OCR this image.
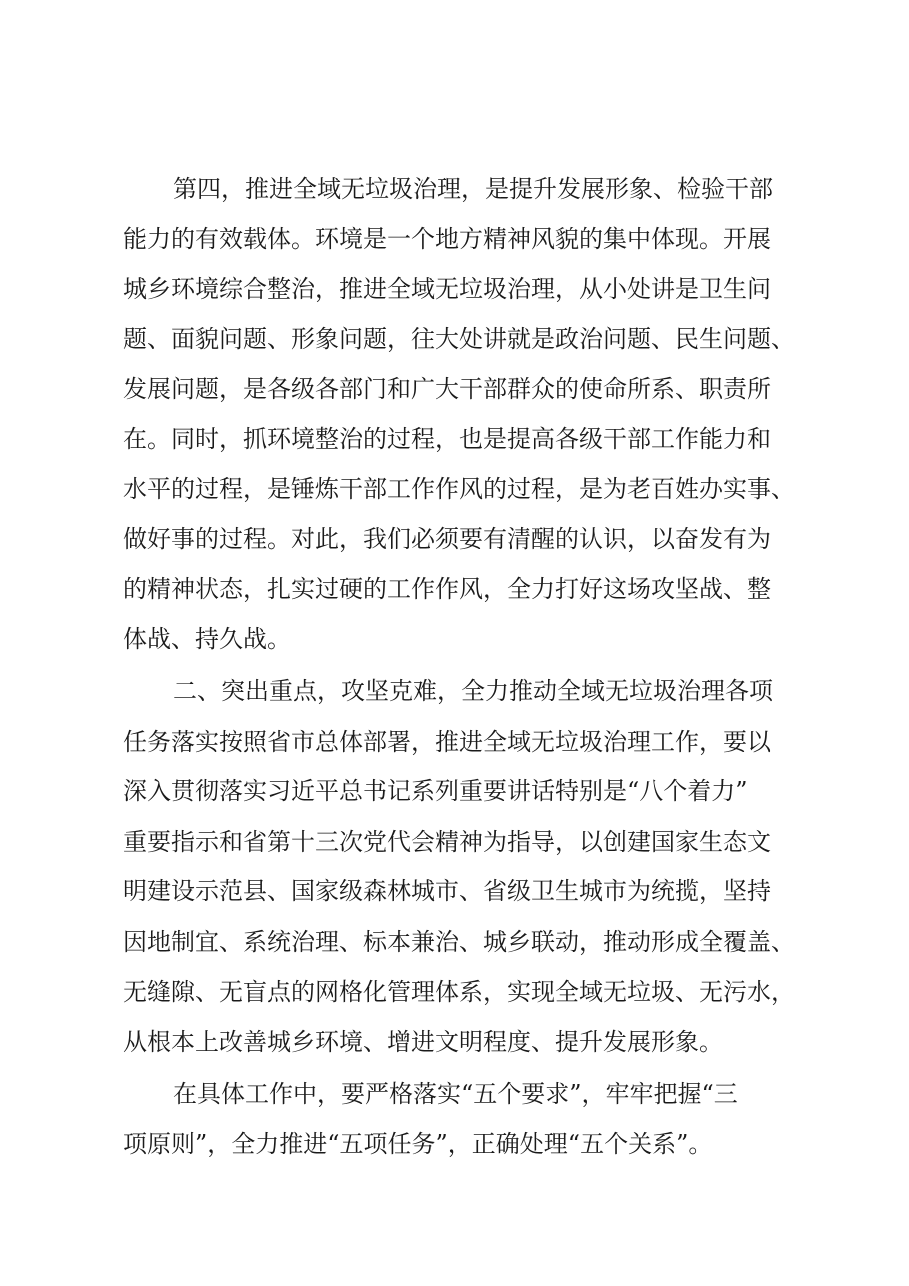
第四，推进全域无垃圾治理，是提升发展形象、检验干部
能力的有效载体。环境是一个地方精神风貌的集中体现。开展
城乡环境综合整治，推进全域无垃圾治理，从小处讲是卫生问
题、面貌问题、形象问题，往大处讲就是政治问题、民生问题、
发展问题，是各级各部门和广大干部群众的使命所系、职责所
在。同时，抓环境整治的过程，也是提高各级干部工作能力和
水平的过程，是锤炼干部工作作风的过程，是为老百姓办实事、
做好事的过程。对此，我们必须要有清醒的认识，以奋发有为
的精神状态，扎实过硬的工作作风，全力打好这场攻坚战、整
体战、持久战。
二、突出重点，攻坚克难，全力推动全域无垃圾治理各项
任务落实按照省市总体部署，推进全域无垃圾治理工作，要以
深入贯彻落实习近平总书记系列重要讲话特别是“八个着力”
重要指示和省第十三次党代会精神为指导，以创建国家生态文
明建设示范县、国家级森林城市、省级卫生城市为统揽，坚持
因地制宜、系统治理、标本兼治、城乡联动，推动形成全覆盖、
无缝隙、无盲点的网格化管理体系，实现全域无垃圾、无污水，
从根本上改善城乡环境、增进文明程度、提升发展形象。
在具体工作中，要严格落实“五个要求”，牢牢把握“三
项原则”，全力推进“五项任务”，正确处理“五个关系”。
